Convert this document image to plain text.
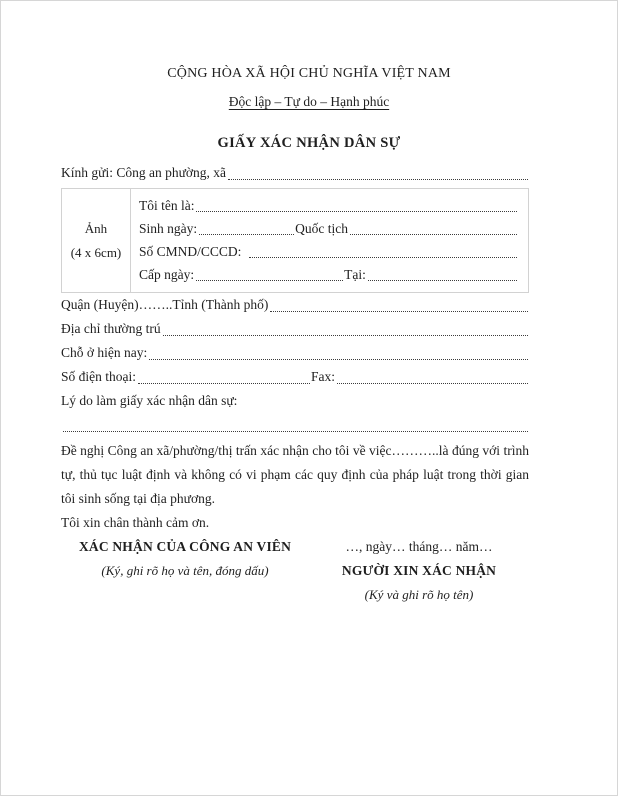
CỘNG HÒA XÃ HỘI CHỦ NGHĨA VIỆT NAM
Độc lập – Tự do – Hạnh phúc
GIẤY XÁC NHẬN DÂN SỰ
Kính gửi: Công an phường, xã
Ảnh
(4 x 6cm)
Tôi tên là:
Sinh ngày:	Quốc tịch
Số CMND/CCCD:
Cấp ngày:	Tại:
Quận (Huyện)……..Tỉnh (Thành phố)
Địa chỉ thường trú
Chỗ ở hiện nay:
Số điện thoại:	Fax:
Lý do làm giấy xác nhận dân sự:
Đề nghị Công an xã/phường/thị trấn xác nhận cho tôi về việc………..là đúng với trình tự, thủ tục luật định và không có vi phạm các quy định của pháp luật trong thời gian tôi sinh sống tại địa phương.
Tôi xin chân thành cảm ơn.
XÁC NHẬN CỦA CÔNG AN VIÊN
(Ký, ghi rõ họ và tên, đóng dấu)
…, ngày… tháng… năm…
NGƯỜI XIN XÁC NHẬN
(Ký và ghi rõ họ tên)
